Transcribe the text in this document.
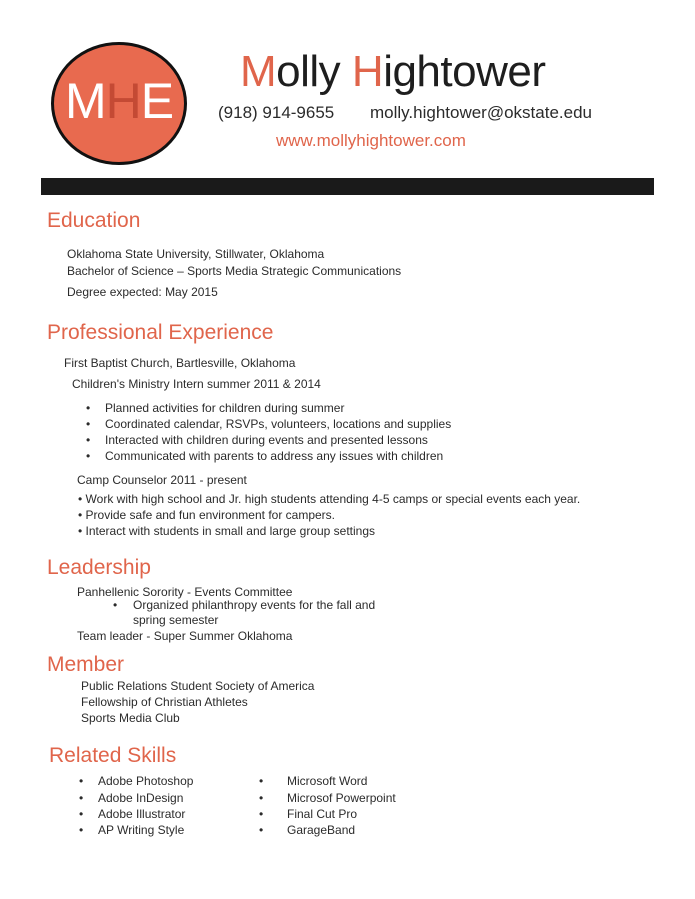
MHE
Molly Hightower
(918) 914-9655 molly.hightower@okstate.edu
www.mollyhightower.com
Education
Oklahoma State University, Stillwater, Oklahoma
Bachelor of Science – Sports Media Strategic Communications
Degree expected: May 2015
Professional Experience
First Baptist Church, Bartlesville, Oklahoma
Children's Ministry Intern summer 2011 & 2014
• Planned activities for children during summer
• Coordinated calendar, RSVPs, volunteers, locations and supplies
• Interacted with children during events and presented lessons
• Communicated with parents to address any issues with children
Camp Counselor 2011 - present
• Work with high school and Jr. high students attending 4-5 camps or special events each year.
• Provide safe and fun environment for campers.
• Interact with students in small and large group settings
Leadership
Panhellenic Sorority - Events Committee
• Organized philanthropy events for the fall and
spring semester
Team leader - Super Summer Oklahoma
Member
Public Relations Student Society of America
Fellowship of Christian Athletes
Sports Media Club
Related Skills
• Adobe Photoshop
• Adobe InDesign
• Adobe Illustrator
• AP Writing Style
• Microsoft Word
• Microsof Powerpoint
• Final Cut Pro
• GarageBand
